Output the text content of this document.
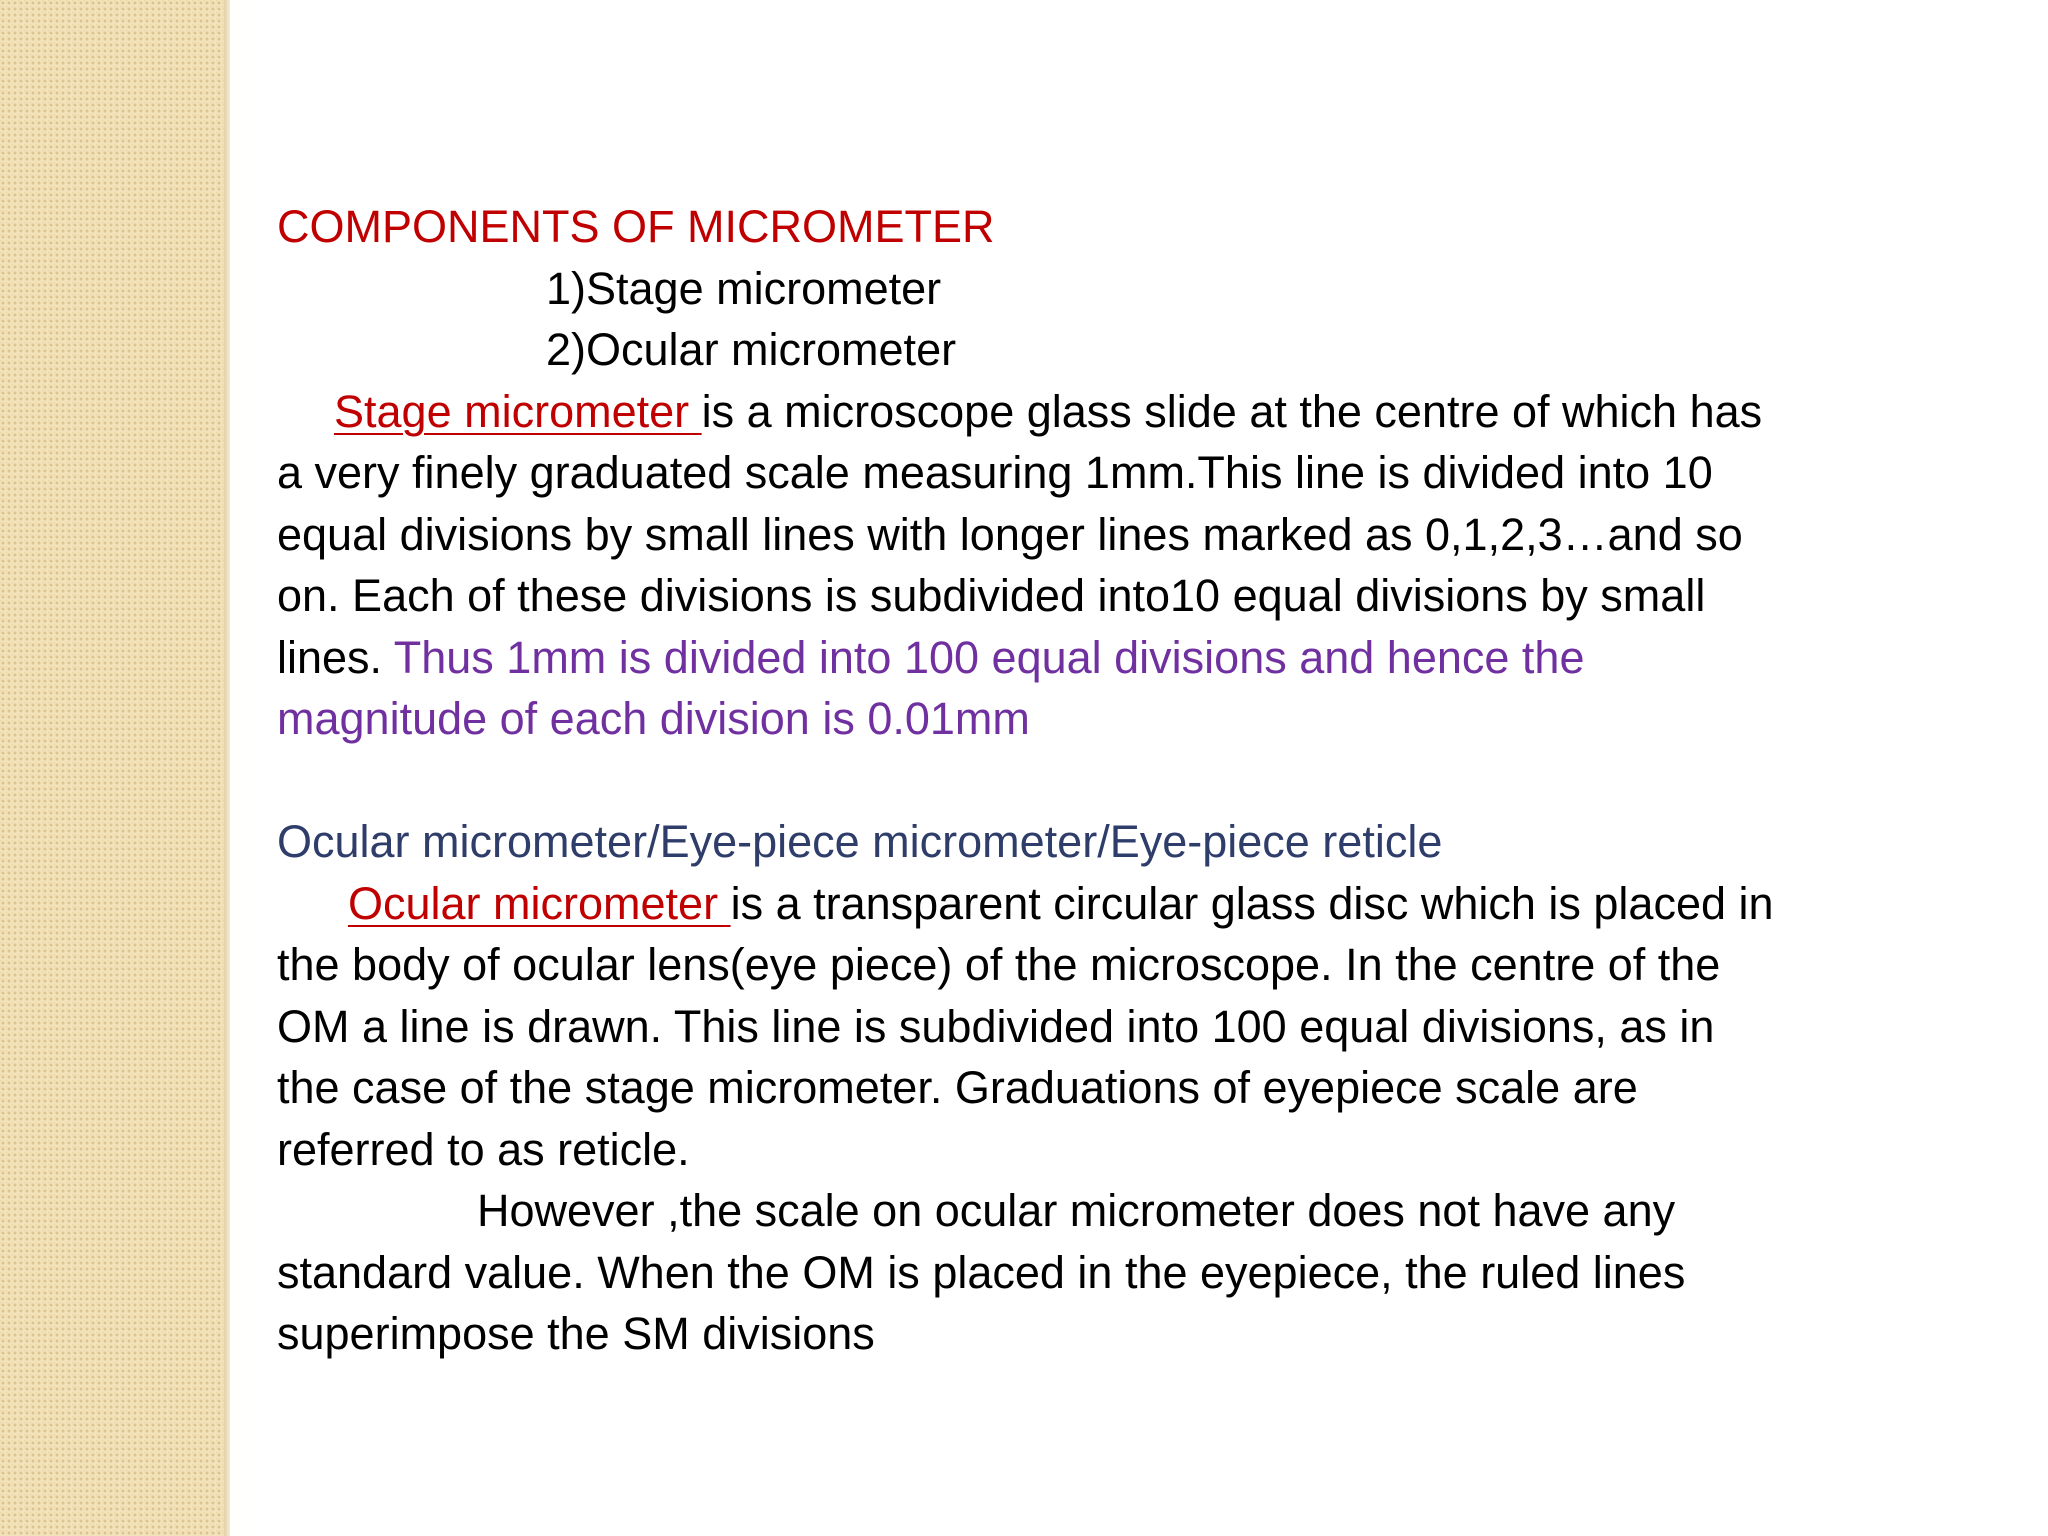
COMPONENTS OF MICROMETER
1)Stage micrometer
2)Ocular micrometer
Stage micrometer is a microscope glass slide at the centre of which has
a very finely graduated scale measuring 1mm.This line is divided into 10
equal divisions by small lines with longer lines marked as 0,1,2,3…and so
on. Each of these divisions is subdivided into10 equal divisions by small
lines. Thus 1mm is divided into 100 equal divisions and hence the
magnitude of each division is 0.01mm
Ocular micrometer/Eye-piece micrometer/Eye-piece reticle
Ocular micrometer is a transparent circular glass disc which is placed in
the body of ocular lens(eye piece) of the microscope. In the centre of the
OM a line is drawn. This line is subdivided into 100 equal divisions, as in
the case of the stage micrometer. Graduations of eyepiece scale are
referred to as reticle.
However ,the scale on ocular micrometer does not have any
standard value. When the OM is placed in the eyepiece, the ruled lines
superimpose the SM divisions
